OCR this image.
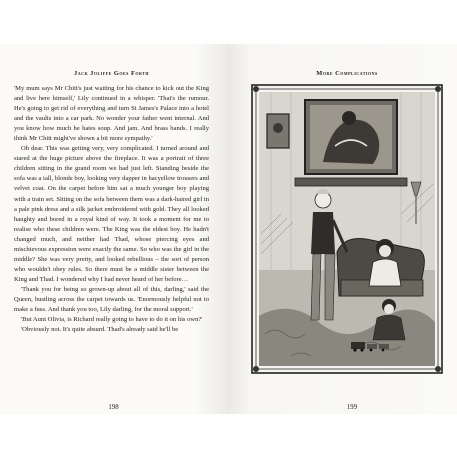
Jack Joliffe Goes Forth

'My mum says Mr Chitt's just waiting for his chance to kick out the King and live here himself,' Lily continued in a whisper. 'That's the rumour. He's going to get rid of everything and turn St James's Palace into a hotel and the vaults into a car park. No wonder your father went internal. And you know how much he hates soup. And jam. And brass bands. I really think Mr Chitt might've shown a bit more sympathy.'

Oh dear. This was getting very, very complicated. I turned around and stared at the huge picture above the fireplace. It was a portrait of three children sitting in the grand room we had just left. Standing beside the sofa was a tall, blonde boy, looking very dapper in hacyellow trousers and velvet coat. On the carpet before him sat a much younger boy playing with a train set. Sitting on the sofa between them was a dark-haired girl in a pale pink dress and a silk jacket embroidered with gold. They all looked haughty and bored in a royal kind of way. It took a moment for me to realise who these children were. The King was the eldest boy. He hadn't changed much, and neither had Thad, whose piercing eyes and mischievous expression were exactly the same. So who was the girl in the middle? She was very pretty, and looked rebellious – the sort of person who wouldn't obey rules. So there must be a middle sister between the King and Thad. I wondered why I had never heard of her before…

'Thank you for being so grown-up about all of this, darling,' said the Queen, bustling across the carpet towards us. 'Enormously helpful not to make a fuss. And thank you too, Lily darling, for the moral support.'

'But Aunt Olivia, is Richard really going to have to do it on his own?'

'Obviously not. It's quite absurd. Thad's already said he'll be

198
More Complications
199
